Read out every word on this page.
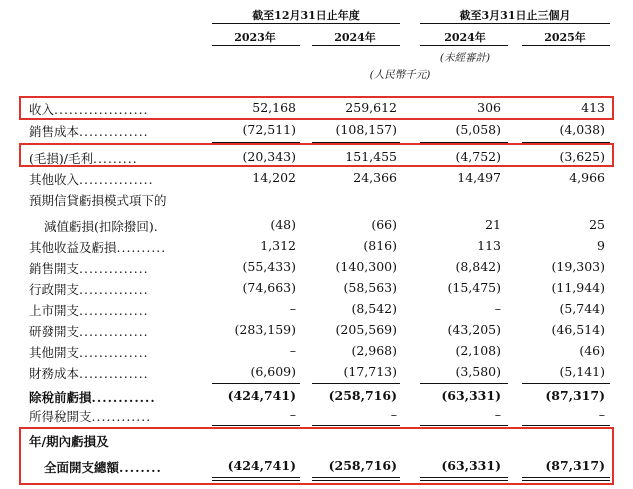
截至12月31日止年度	截至3月31日止三個月
2023年	2024年	2024年	2025年
(未經審計)
(人民幣千元)
收入...................	52,168	259,612	306	413
銷售成本..............	(72,511)	(108,157)	(5,058)	(4,038)
(毛損)/毛利.........	(20,343)	151,455	(4,752)	(3,625)
其他收入...............	14,202	24,366	14,497	4,966
預期信貸虧損模式項下的
減值虧損(扣除撥回).	(48)	(66)	21	25
其他收益及虧損..........	1,312	(816)	113	9
銷售開支..............	(55,433)	(140,300)	(8,842)	(19,303)
行政開支..............	(74,663)	(58,563)	(15,475)	(11,944)
上市開支..............	–	(8,542)	–	(5,744)
研發開支..............	(283,159)	(205,569)	(43,205)	(46,514)
其他開支..............	–	(2,968)	(2,108)	(46)
財務成本..............	(6,609)	(17,713)	(3,580)	(5,141)
除稅前虧損............	(424,741)	(258,716)	(63,331)	(87,317)
所得稅開支............	–	–	–	–
年/期內虧損及
全面開支總額........	(424,741)	(258,716)	(63,331)	(87,317)
